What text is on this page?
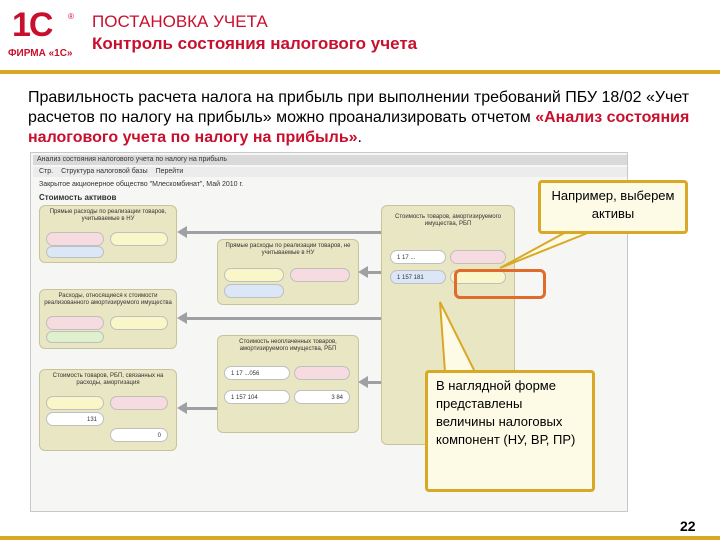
1С ®
ФИРМА «1С»
ПОСТАНОВКА УЧЕТА
Контроль состояния налогового учета
Правильность расчета налога на прибыль при выполнении требований ПБУ 18/02 «Учет расчетов по налогу на прибыль» можно проанализировать отчетом «Анализ состояния налогового учета по налогу на прибыль».
Анализ состояния налогового учета по налогу на прибыль
Стр. Структура налоговой базы Перейти
Закрытое акционерное общество "Млеcкомбинат", Май 2010 г.
Стоимость активов
Прямые расходы по реализации товаров, учитываемые в НУ
Расходы, относящиеся к стоимости реализованного амортизируемого имущества
Стоимость товаров, РБП, связанных на расходы, амортизация
131
0
Прямые расходы по реализации товаров, не учитываемые в НУ
Стоимость неоплаченных товаров, амортизируемого имущества, РБП
1 17 ...056
1 157 104	3 84
Стоимость товаров, амортизируемого имущества, РБП
1 17 ...
1 157 181
Например, выберем активы
В наглядной форме представлены величины налоговых компонент (НУ, ВР, ПР)
22
